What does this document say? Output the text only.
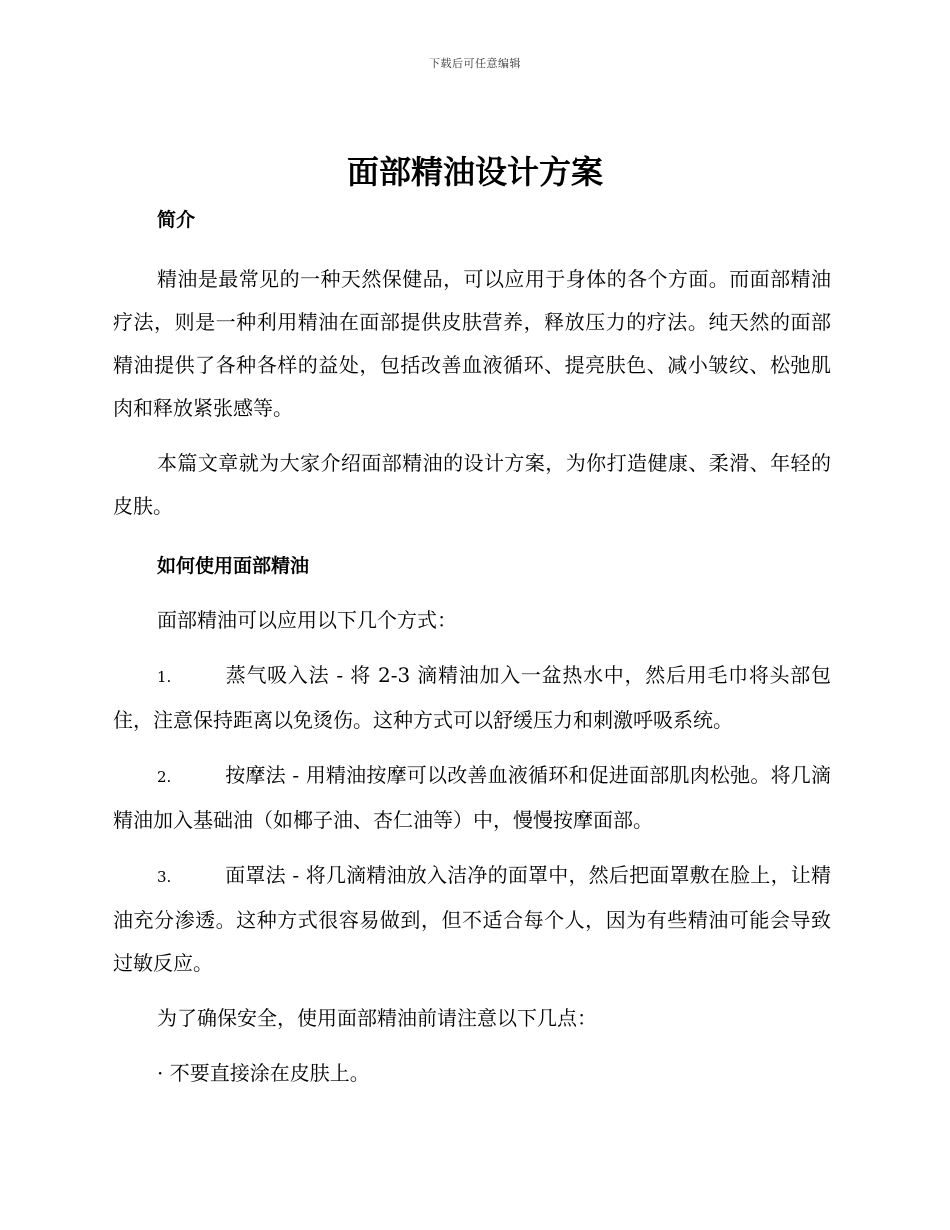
下载后可任意编辑
面部精油设计方案
简介

精油是最常见的一种天然保健品，可以应用于身体的各个方面。而面部精油疗法，则是一种利用精油在面部提供皮肤营养，释放压力的疗法。纯天然的面部精油提供了各种各样的益处，包括改善血液循环、提亮肤色、减小皱纹、松弛肌肉和释放紧张感等。

本篇文章就为大家介绍面部精油的设计方案，为你打造健康、柔滑、年轻的皮肤。

如何使用面部精油

面部精油可以应用以下几个方式：

1.	蒸气吸入法 - 将 2-3 滴精油加入一盆热水中，然后用毛巾将头部包住，注意保持距离以免烫伤。这种方式可以舒缓压力和刺激呼吸系统。

2.	按摩法 - 用精油按摩可以改善血液循环和促进面部肌肉松弛。将几滴精油加入基础油（如椰子油、杏仁油等）中，慢慢按摩面部。

3.	面罩法 - 将几滴精油放入洁净的面罩中，然后把面罩敷在脸上，让精油充分渗透。这种方式很容易做到，但不适合每个人，因为有些精油可能会导致过敏反应。

为了确保安全，使用面部精油前请注意以下几点：

· 不要直接涂在皮肤上。
